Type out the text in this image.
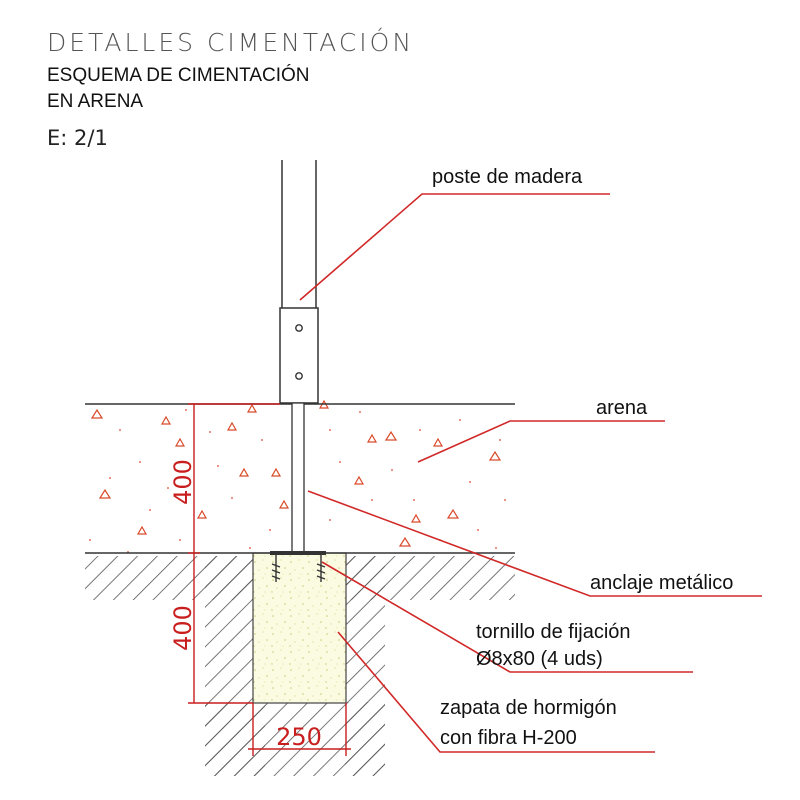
DETALLES CIMENTACIÓN
ESQUEMA DE CIMENTACIÓN
EN ARENA
E: 2/1
400
400
250
poste de madera
arena
anclaje metálico
tornillo de fijación
Ø8x80 (4 uds)
zapata de hormigón
con fibra H-200
